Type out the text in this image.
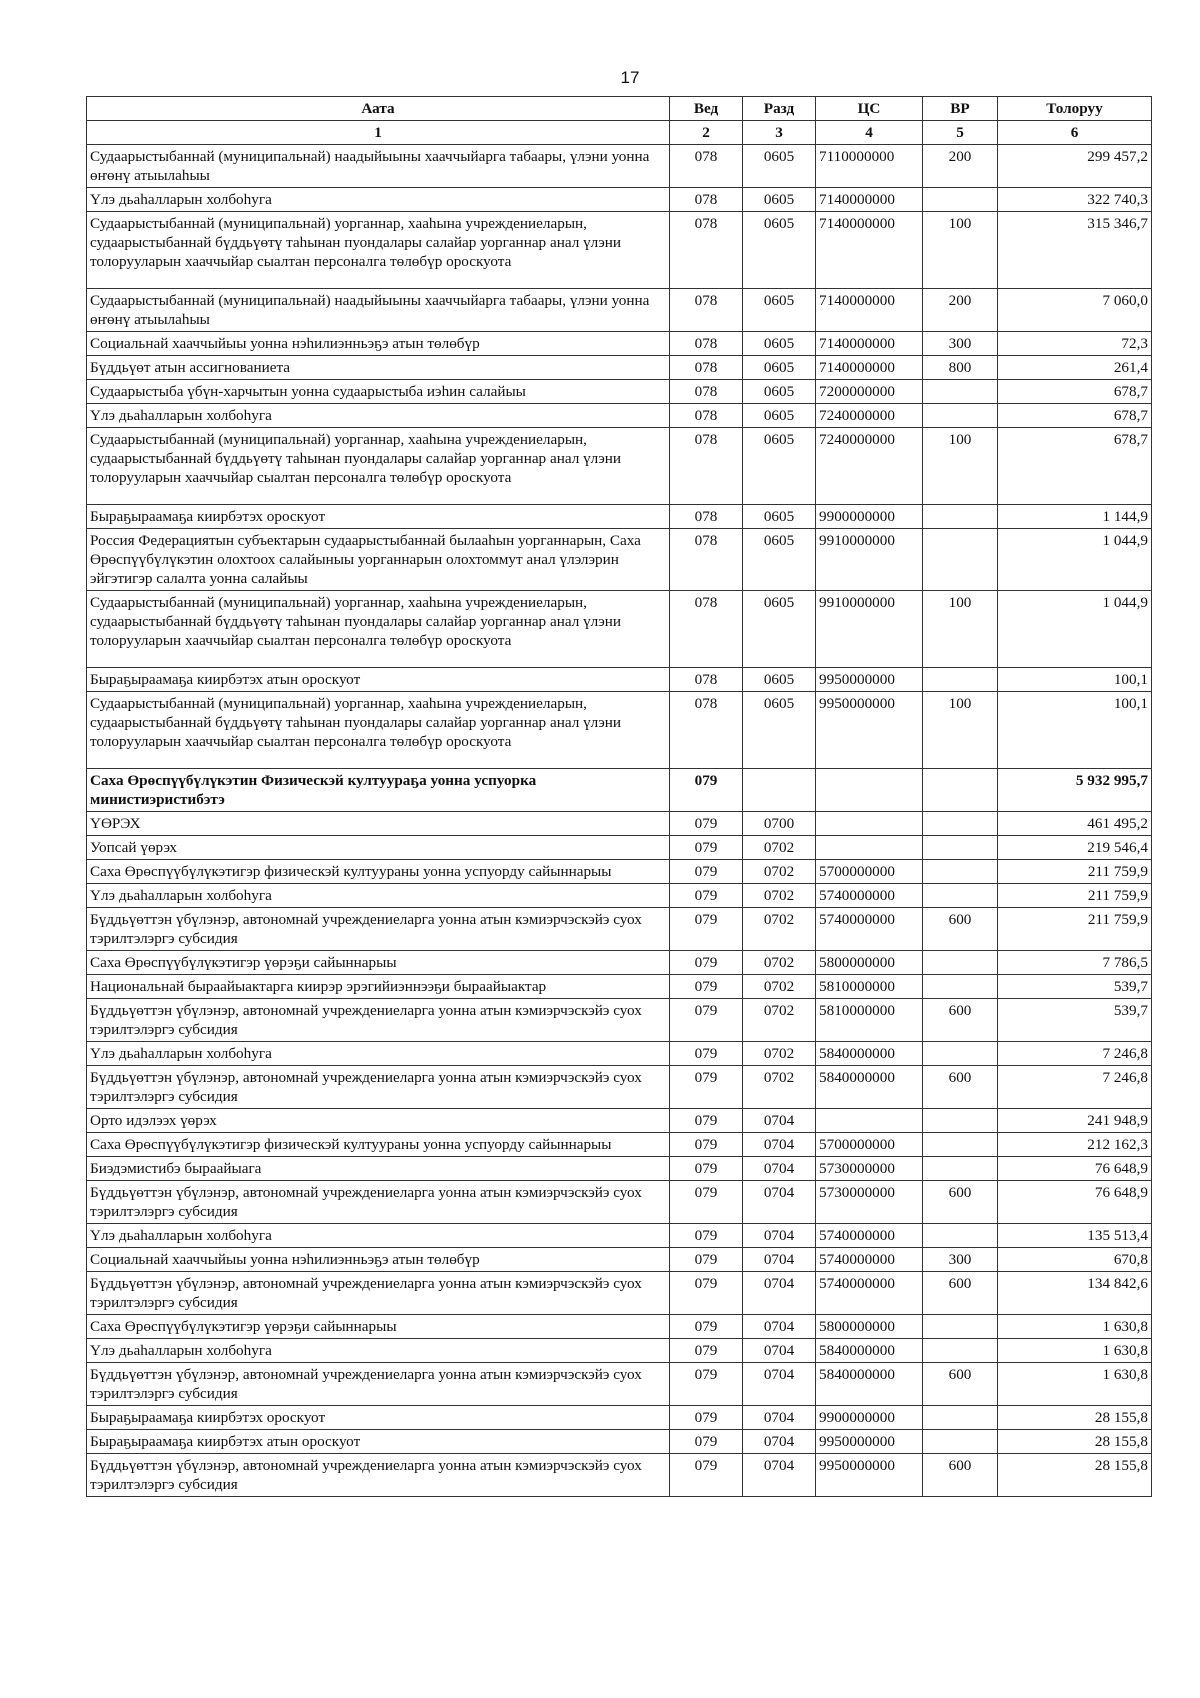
17
Аата	Вед	Разд	ЦС	ВР	Толоруу
1	2	3	4	5	6
Судаарыстыбаннай (муниципальнай) наадыйыыны хааччыйарга табаары, үлэни уонна өҥөнү атыылаһыы	078	0605	7110000000	200	299 457,2
Үлэ дьаһалларын холбоһуга	078	0605	7140000000		322 740,3
Судаарыстыбаннай (муниципальнай) уорганнар, хааһына учреждениеларын, судаарыстыбаннай бүддьүөтү таһынан пуондалары салайар уорганнар анал үлэни толорууларын хааччыйар сыалтан персоналга төлөбүр ороскуота	078	0605	7140000000	100	315 346,7
Судаарыстыбаннай (муниципальнай) наадыйыыны хааччыйарга табаары, үлэни уонна өҥөнү атыылаһыы	078	0605	7140000000	200	7 060,0
Социальнай хааччыйыы уонна нэһилиэнньэҕэ атын төлөбүр	078	0605	7140000000	300	72,3
Бүддьүөт атын ассигнованиета	078	0605	7140000000	800	261,4
Судаарыстыба үбүн-харчытын уонна судаарыстыба иэһин салайыы	078	0605	7200000000		678,7
Үлэ дьаһалларын холбоһуга	078	0605	7240000000		678,7
Судаарыстыбаннай (муниципальнай) уорганнар, хааһына учреждениеларын, судаарыстыбаннай бүддьүөтү таһынан пуондалары салайар уорганнар анал үлэни толорууларын хааччыйар сыалтан персоналга төлөбүр ороскуота	078	0605	7240000000	100	678,7
Быраҕыраамаҕа киирбэтэх ороскуот	078	0605	9900000000		1 144,9
Россия Федерациятын субъектарын судаарыстыбаннай былааһын уорганнарын, Саха Өрөспүүбүлүкэтин олохтоох салайыныы уорганнарын олохтоммут анал үлэлэрин эйгэтигэр салалта уонна салайыы	078	0605	9910000000		1 044,9
Судаарыстыбаннай (муниципальнай) уорганнар, хааһына учреждениеларын, судаарыстыбаннай бүддьүөтү таһынан пуондалары салайар уорганнар анал үлэни толорууларын хааччыйар сыалтан персоналга төлөбүр ороскуота	078	0605	9910000000	100	1 044,9
Быраҕыраамаҕа киирбэтэх атын ороскуот	078	0605	9950000000		100,1
Судаарыстыбаннай (муниципальнай) уорганнар, хааһына учреждениеларын, судаарыстыбаннай бүддьүөтү таһынан пуондалары салайар уорганнар анал үлэни толорууларын хааччыйар сыалтан персоналга төлөбүр ороскуота	078	0605	9950000000	100	100,1
Саха Өрөспүүбүлүкэтин Физическэй култуураҕа уонна успуорка министиэристибэтэ	079				5 932 995,7
ҮӨРЭХ	079	0700			461 495,2
Уопсай үөрэх	079	0702			219 546,4
Саха Өрөспүүбүлүкэтигэр физическэй култуураны уонна успуорду сайыннарыы	079	0702	5700000000		211 759,9
Үлэ дьаһалларын холбоһуга	079	0702	5740000000		211 759,9
Бүддьүөттэн үбүлэнэр, автономнай учреждениеларга уонна атын кэмиэрчэскэйэ суох тэрилтэлэргэ субсидия	079	0702	5740000000	600	211 759,9
Саха Өрөспүүбүлүкэтигэр үөрэҕи сайыннарыы	079	0702	5800000000		7 786,5
Национальнай быраайыактарга киирэр эрэгийиэннээҕи быраайыактар	079	0702	5810000000		539,7
Бүддьүөттэн үбүлэнэр, автономнай учреждениеларга уонна атын кэмиэрчэскэйэ суох тэрилтэлэргэ субсидия	079	0702	5810000000	600	539,7
Үлэ дьаһалларын холбоһуга	079	0702	5840000000		7 246,8
Бүддьүөттэн үбүлэнэр, автономнай учреждениеларга уонна атын кэмиэрчэскэйэ суох тэрилтэлэргэ субсидия	079	0702	5840000000	600	7 246,8
Орто идэлээх үөрэх	079	0704			241 948,9
Саха Өрөспүүбүлүкэтигэр физическэй култуураны уонна успуорду сайыннарыы	079	0704	5700000000		212 162,3
Биэдэмистибэ быраайыага	079	0704	5730000000		76 648,9
Бүддьүөттэн үбүлэнэр, автономнай учреждениеларга уонна атын кэмиэрчэскэйэ суох тэрилтэлэргэ субсидия	079	0704	5730000000	600	76 648,9
Үлэ дьаһалларын холбоһуга	079	0704	5740000000		135 513,4
Социальнай хааччыйыы уонна нэһилиэнньэҕэ атын төлөбүр	079	0704	5740000000	300	670,8
Бүддьүөттэн үбүлэнэр, автономнай учреждениеларга уонна атын кэмиэрчэскэйэ суох тэрилтэлэргэ субсидия	079	0704	5740000000	600	134 842,6
Саха Өрөспүүбүлүкэтигэр үөрэҕи сайыннарыы	079	0704	5800000000		1 630,8
Үлэ дьаһалларын холбоһуга	079	0704	5840000000		1 630,8
Бүддьүөттэн үбүлэнэр, автономнай учреждениеларга уонна атын кэмиэрчэскэйэ суох тэрилтэлэргэ субсидия	079	0704	5840000000	600	1 630,8
Быраҕыраамаҕа киирбэтэх ороскуот	079	0704	9900000000		28 155,8
Быраҕыраамаҕа киирбэтэх атын ороскуот	079	0704	9950000000		28 155,8
Бүддьүөттэн үбүлэнэр, автономнай учреждениеларга уонна атын кэмиэрчэскэйэ суох тэрилтэлэргэ субсидия	079	0704	9950000000	600	28 155,8
